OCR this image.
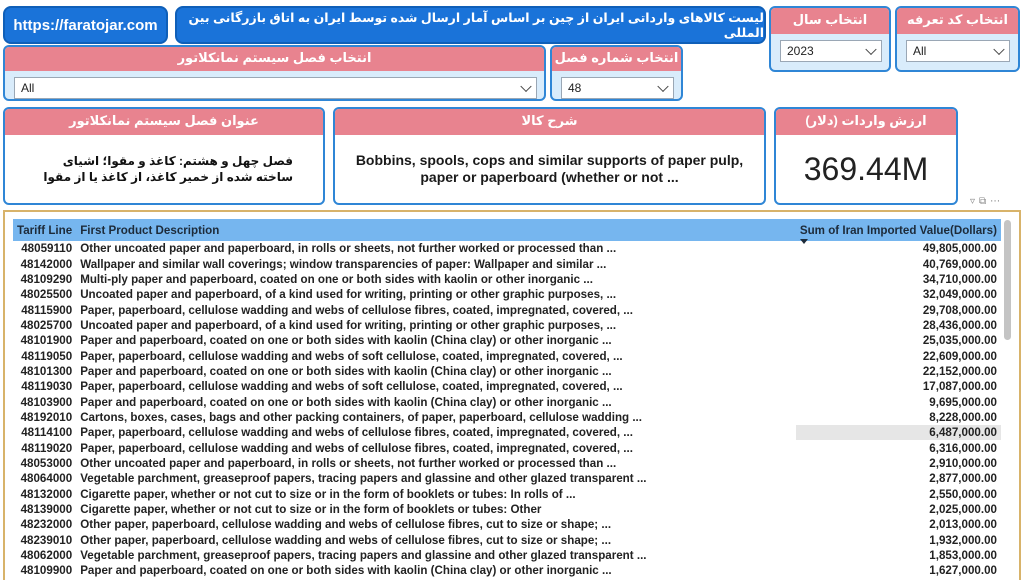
https://faratojar.com	لیست کالاهای وارداتی ایران از چین بر اساس آمار ارسال شده توسط ایران به اتاق بازرگانی بین المللی
انتخاب سال
2023
انتخاب کد تعرفه
All
انتخاب فصل سیستم نمانکلاتور
All
انتخاب شماره فصل
48
عنوان فصل سیستم نمانکلاتور
فصل چهل و هشتم: کاغذ و مقوا؛ اشیای ساخته شده از خمیر کاغذ، از کاغذ یا از مقوا
شرح کالا
Bobbins, spools, cops and similar supports of paper pulp, paper or paperboard (whether or not ...
ارزش واردات (دلار)
369.44M
▿⧉⋯
Tariff Line	First Product Description	Sum of Iran Imported Value(Dollars)

48059110	Other uncoated paper and paperboard, in rolls or sheets, not further worked or processed than ...	49,805,000.00
48142000	Wallpaper and similar wall coverings; window transparencies of paper: Wallpaper and similar ...	40,769,000.00
48109290	Multi-ply paper and paperboard, coated on one or both sides with kaolin or other inorganic ...	34,710,000.00
48025500	Uncoated paper and paperboard, of a kind used for writing, printing or other graphic purposes, ...	32,049,000.00
48115900	Paper, paperboard, cellulose wadding and webs of cellulose fibres, coated, impregnated, covered, ...	29,708,000.00
48025700	Uncoated paper and paperboard, of a kind used for writing, printing or other graphic purposes, ...	28,436,000.00
48101900	Paper and paperboard, coated on one or both sides with kaolin (China clay) or other inorganic ...	25,035,000.00
48119050	Paper, paperboard, cellulose wadding and webs of soft cellulose, coated, impregnated, covered, ...	22,609,000.00
48101300	Paper and paperboard, coated on one or both sides with kaolin (China clay) or other inorganic ...	22,152,000.00
48119030	Paper, paperboard, cellulose wadding and webs of soft cellulose, coated, impregnated, covered, ...	17,087,000.00
48103900	Paper and paperboard, coated on one or both sides with kaolin (China clay) or other inorganic ...	9,695,000.00
48192010	Cartons, boxes, cases, bags and other packing containers, of paper, paperboard, cellulose wadding ...	8,228,000.00
48114100	Paper, paperboard, cellulose wadding and webs of cellulose fibres, coated, impregnated, covered, ...	6,487,000.00
48119020	Paper, paperboard, cellulose wadding and webs of cellulose fibres, coated, impregnated, covered, ...	6,316,000.00
48053000	Other uncoated paper and paperboard, in rolls or sheets, not further worked or processed than ...	2,910,000.00
48064000	Vegetable parchment, greaseproof papers, tracing papers and glassine and other glazed transparent ...	2,877,000.00
48132000	Cigarette paper, whether or not cut to size or in the form of booklets or tubes: In rolls of ...	2,550,000.00
48139000	Cigarette paper, whether or not cut to size or in the form of booklets or tubes: Other	2,025,000.00
48232000	Other paper, paperboard, cellulose wadding and webs of cellulose fibres, cut to size or shape; ...	2,013,000.00
48239010	Other paper, paperboard, cellulose wadding and webs of cellulose fibres, cut to size or shape; ...	1,932,000.00
48062000	Vegetable parchment, greaseproof papers, tracing papers and glassine and other glazed transparent ...	1,853,000.00
48109900	Paper and paperboard, coated on one or both sides with kaolin (China clay) or other inorganic ...	1,627,000.00
